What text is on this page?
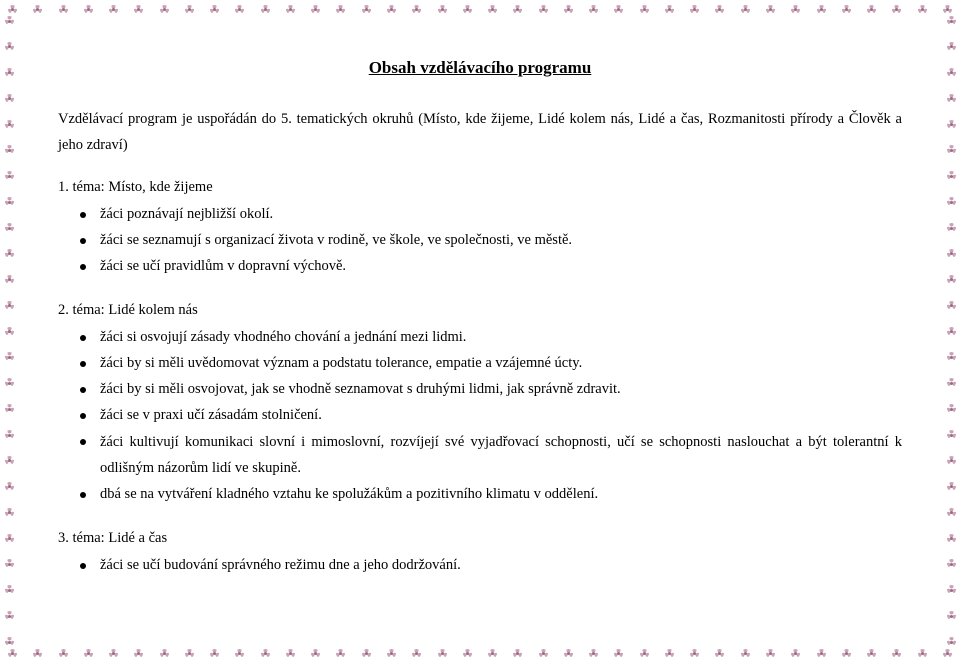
Obsah vzdělávacího programu

Vzdělávací program je uspořádán do 5. tematických okruhů (Místo, kde žijeme, Lidé kolem nás, Lidé a čas, Rozmanitosti přírody a Člověk a jeho zdraví)

1. téma: Místo, kde žijeme

žáci poznávají nejbližší okolí.
žáci se seznamují s organizací života v rodině, ve škole, ve společnosti, ve městě.
žáci se učí pravidlům v dopravní výchově.

2. téma: Lidé kolem nás

žáci si osvojují zásady vhodného chování a jednání mezi lidmi.
žáci by si měli uvědomovat význam a podstatu tolerance, empatie a vzájemné úcty.
žáci by si měli osvojovat, jak se vhodně seznamovat s druhými lidmi, jak správně zdravit.
žáci se v praxi učí zásadám stolničení.
žáci kultivují komunikaci slovní i mimoslovní, rozvíjejí své vyjadřovací schopnosti, učí se schopnosti naslouchat a být tolerantní k odlišným názorům lidí ve skupině.
dbá se na vytváření kladného vztahu ke spolužákům a pozitivního klimatu v oddělení.

3. téma: Lidé a čas

žáci se učí budování správného režimu dne a jeho dodržování.
